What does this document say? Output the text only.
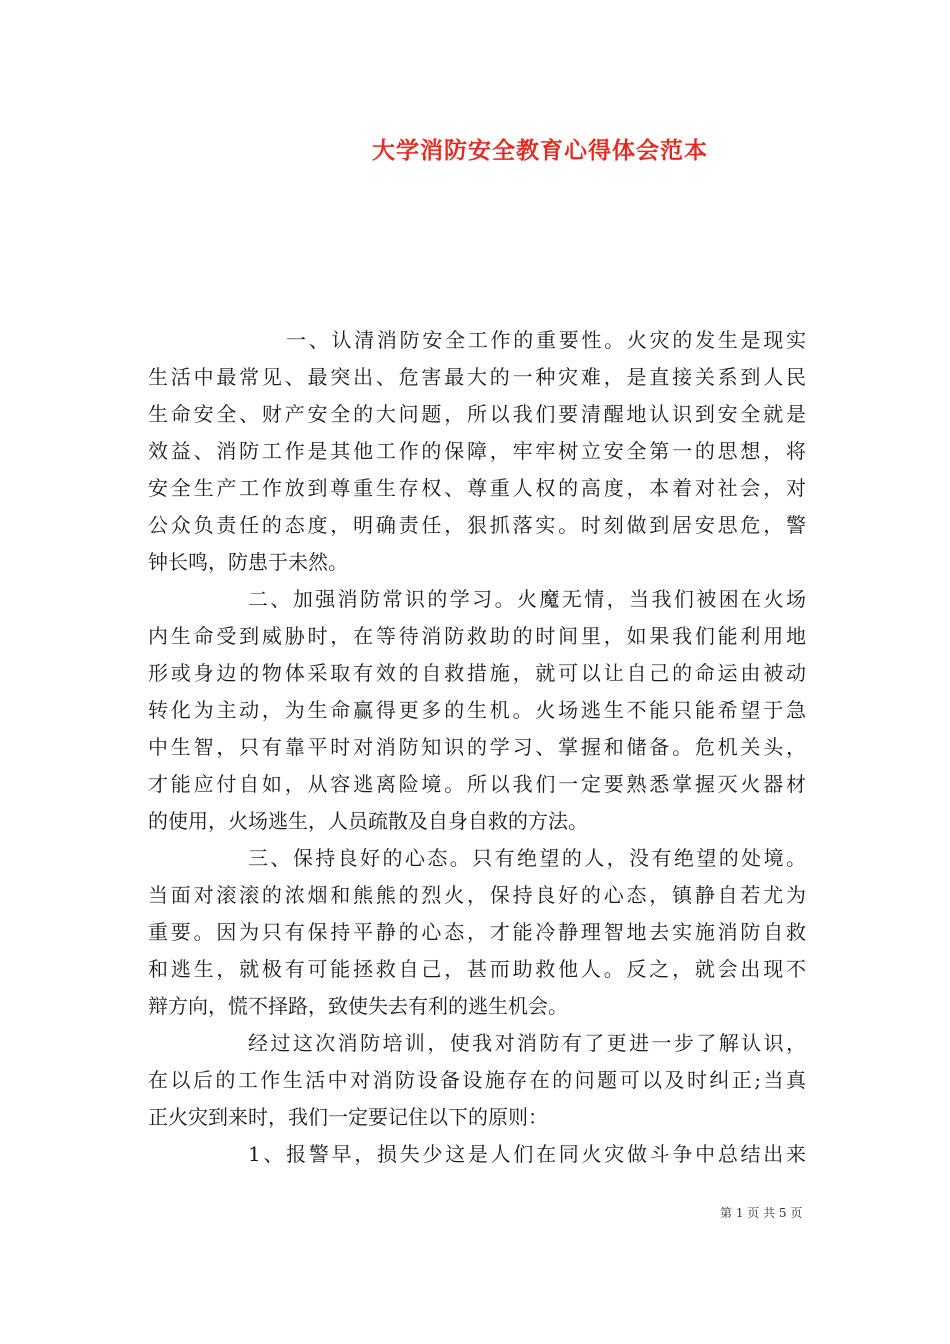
大学消防安全教育心得体会范本
一、认清消防安全工作的重要性。火灾的发生是现实
生活中最常见、最突出、危害最大的一种灾难，是直接关系到人民
生命安全、财产安全的大问题，所以我们要清醒地认识到安全就是
效益、消防工作是其他工作的保障，牢牢树立安全第一的思想，将
安全生产工作放到尊重生存权、尊重人权的高度，本着对社会，对
公众负责任的态度，明确责任，狠抓落实。时刻做到居安思危，警
钟长鸣，防患于未然。
二、加强消防常识的学习。火魔无情，当我们被困在火场
内生命受到威胁时，在等待消防救助的时间里，如果我们能利用地
形或身边的物体采取有效的自救措施，就可以让自己的命运由被动
转化为主动，为生命赢得更多的生机。火场逃生不能只能希望于急
中生智，只有靠平时对消防知识的学习、掌握和储备。危机关头，
才能应付自如，从容逃离险境。所以我们一定要熟悉掌握灭火器材
的使用，火场逃生，人员疏散及自身自救的方法。
三、保持良好的心态。只有绝望的人，没有绝望的处境。
当面对滚滚的浓烟和熊熊的烈火，保持良好的心态，镇静自若尤为
重要。因为只有保持平静的心态，才能冷静理智地去实施消防自救
和逃生，就极有可能拯救自己，甚而助救他人。反之，就会出现不
辩方向，慌不择路，致使失去有利的逃生机会。
经过这次消防培训，使我对消防有了更进一步了解认识，
在以后的工作生活中对消防设备设施存在的问题可以及时纠正;当真
正火灾到来时，我们一定要记住以下的原则：
1、报警早，损失少这是人们在同火灾做斗争中总结出来
第 1 页 共 5 页
